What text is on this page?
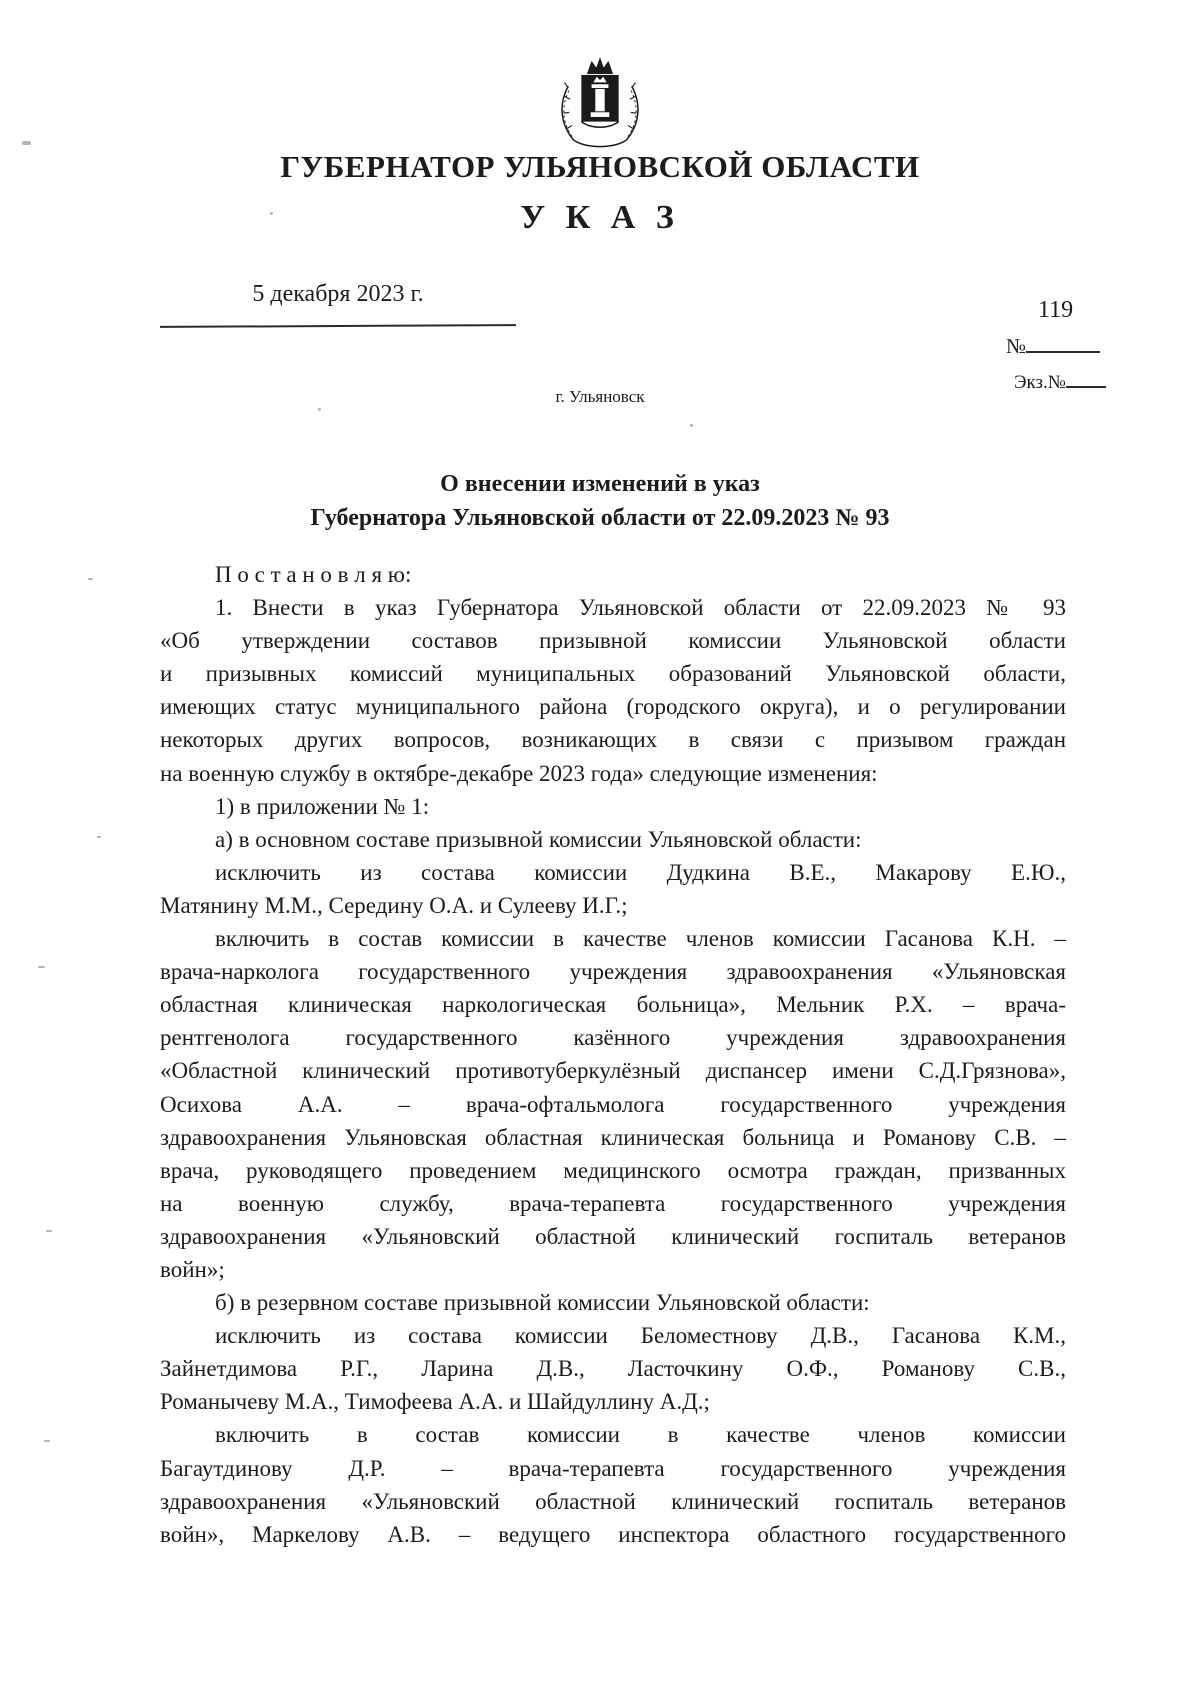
ГУБЕРНАТОР УЛЬЯНОВСКОЙ ОБЛАСТИ
У К А З
5 декабря 2023 г.
119
№
Экз.№
г. Ульяновск
О внесении изменений в указ
Губернатора Ульяновской области от 22.09.2023 № 93
П о с т а н о в л я ю:
1. Внести в указ Губернатора Ульяновской области от 22.09.2023 № 93
«Об утверждении составов призывной комиссии Ульяновской области
и призывных комиссий муниципальных образований Ульяновской области,
имеющих статус муниципального района (городского округа), и о регулировании
некоторых других вопросов, возникающих в связи с призывом граждан
на военную службу в октябре-декабре 2023 года» следующие изменения:
1) в приложении № 1:
а) в основном составе призывной комиссии Ульяновской области:
исключить из состава комиссии Дудкина В.Е., Макарову Е.Ю.,
Матянину М.М., Середину О.А. и Сулееву И.Г.;
включить в состав комиссии в качестве членов комиссии Гасанова К.Н. –
врача-нарколога государственного учреждения здравоохранения «Ульяновская
областная клиническая наркологическая больница», Мельник Р.Х. – врача-
рентгенолога государственного казённого учреждения здравоохранения
«Областной клинический противотуберкулёзный диспансер имени С.Д.Грязнова»,
Осихова А.А. – врача-офтальмолога государственного учреждения
здравоохранения Ульяновская областная клиническая больница и Романову С.В. –
врача, руководящего проведением медицинского осмотра граждан, призванных
на военную службу, врача-терапевта государственного учреждения
здравоохранения «Ульяновский областной клинический госпиталь ветеранов
войн»;
б) в резервном составе призывной комиссии Ульяновской области:
исключить из состава комиссии Беломестнову Д.В., Гасанова К.М.,
Зайнетдимова Р.Г., Ларина Д.В., Ласточкину О.Ф., Романову С.В.,
Романычеву М.А., Тимофеева А.А. и Шайдуллину А.Д.;
включить в состав комиссии в качестве членов комиссии
Багаутдинову Д.Р. – врача-терапевта государственного учреждения
здравоохранения «Ульяновский областной клинический госпиталь ветеранов
войн», Маркелову А.В. – ведущего инспектора областного государственного
